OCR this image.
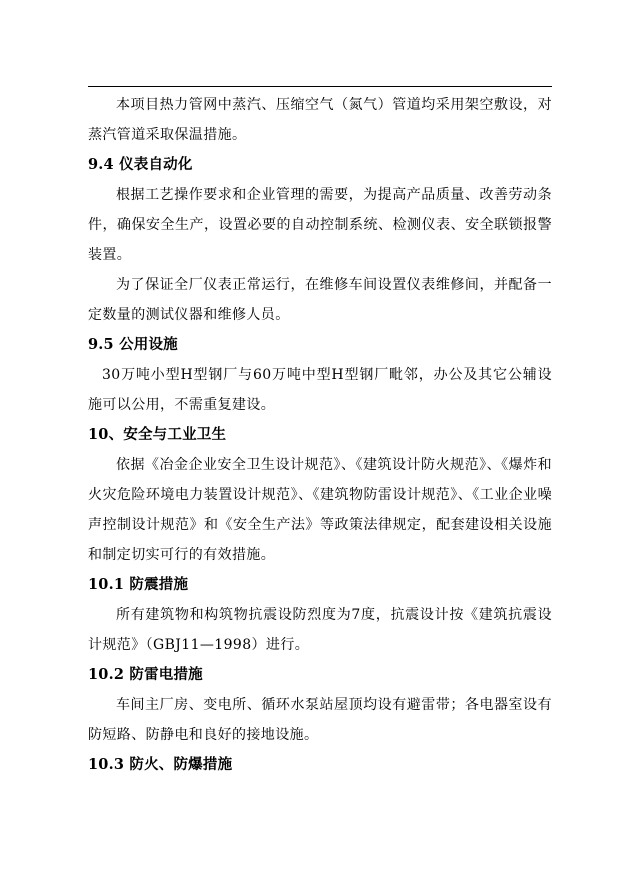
本项目热力管网中蒸汽、压缩空气（氮气）管道均采用架空敷设，对蒸汽管道采取保温措施。

9.4 仪表自动化

根据工艺操作要求和企业管理的需要，为提高产品质量、改善劳动条件，确保安全生产，设置必要的自动控制系统、检测仪表、安全联锁报警装置。

为了保证全厂仪表正常运行，在维修车间设置仪表维修间，并配备一定数量的测试仪器和维修人员。

9.5 公用设施

30万吨小型H型钢厂与60万吨中型H型钢厂毗邻，办公及其它公辅设施可以公用，不需重复建设。

10、安全与工业卫生

依据《冶金企业安全卫生设计规范》、《建筑设计防火规范》、《爆炸和火灾危险环境电力装置设计规范》、《建筑物防雷设计规范》、《工业企业噪声控制设计规范》和《安全生产法》等政策法律规定，配套建设相关设施和制定切实可行的有效措施。

10.1 防震措施

所有建筑物和构筑物抗震设防烈度为7度，抗震设计按《建筑抗震设计规范》（GBJ11—1998）进行。

10.2 防雷电措施

车间主厂房、变电所、循环水泵站屋顶均设有避雷带；各电器室设有防短路、防静电和良好的接地设施。

10.3 防火、防爆措施
